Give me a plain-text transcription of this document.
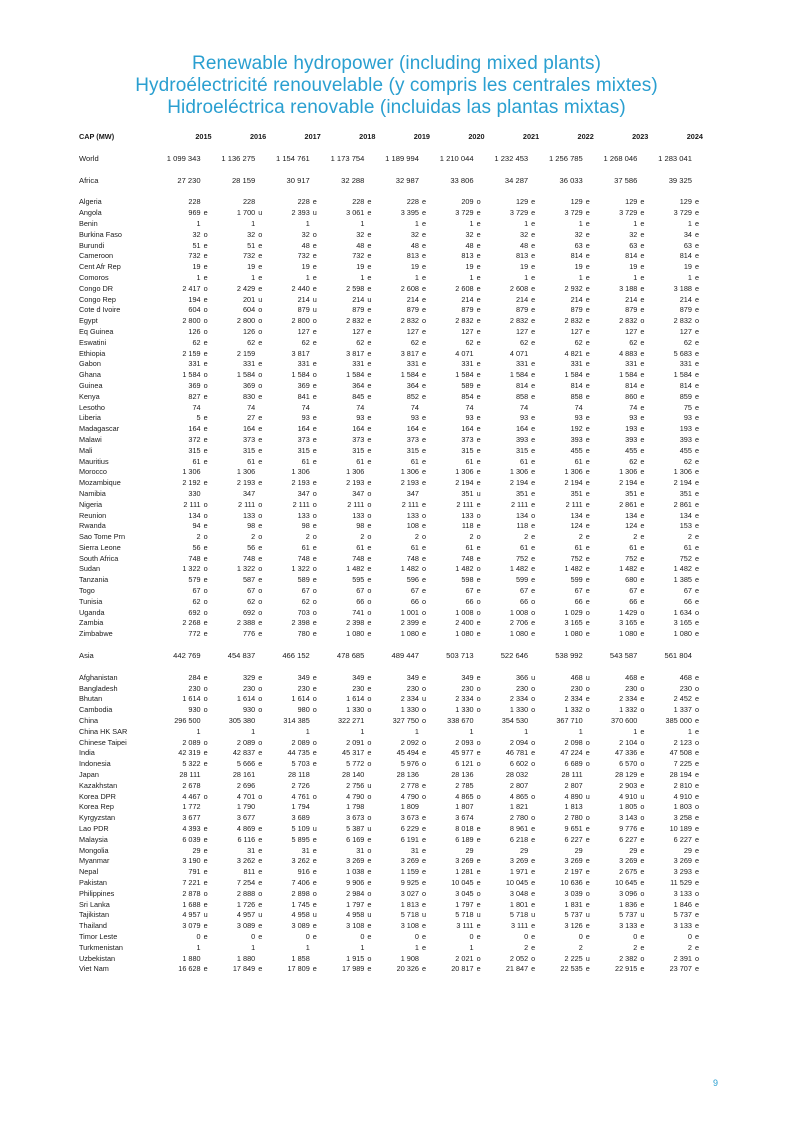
Renewable hydropower (including mixed plants)
Hydroélectricité renouvelable (y compris les centrales mixtes)
Hidroeléctrica renovable (incluidas las plantas mixtas)
CAP (MW)	2015	2016	2017	2018	2019	2020	2021	2022	2023	2024

World	1 099 343	1 136 275	1 154 761	1 173 754	1 189 994	1 210 044	1 232 453	1 256 785	1 268 046	1 283 041

Africa	27 230	28 159	30 917	32 288	32 987	33 806	34 287	36 033	37 586	39 325

Algeria	228	228	228 e	228 e	228 e	209 o	129 e	129 e	129 e	129 e
Angola	969 e	1 700 u	2 393 u	3 061 e	3 395 e	3 729 e	3 729 e	3 729 e	3 729 e	3 729 e
Benin	1	1	1	1	1 e	1 e	1 e	1 e	1 e	1 e
Burkina Faso	32 o	32 o	32 o	32 e	32 e	32 e	32 e	32 e	32 e	34 e
Burundi	51 e	51 e	48 e	48 e	48 e	48 e	48 e	63 e	63 e	63 e
Cameroon	732 e	732 e	732 e	732 e	813 e	813 e	813 e	814 e	814 e	814 e
Cent Afr Rep	19 e	19 e	19 e	19 e	19 e	19 e	19 e	19 e	19 e	19 e
Comoros	1 e	1 e	1 e	1 e	1 e	1 e	1 e	1 e	1 e	1 e
Congo DR	2 417 o	2 429 e	2 440 e	2 598 e	2 608 e	2 608 e	2 608 e	2 932 e	3 188 e	3 188 e
Congo Rep	194 e	201 u	214 u	214 u	214 e	214 e	214 e	214 e	214 e	214 e
Cote d Ivoire	604 o	604 o	879 u	879 e	879 e	879 e	879 e	879 e	879 e	879 e
Egypt	2 800 o	2 800 o	2 800 o	2 832 e	2 832 o	2 832 e	2 832 e	2 832 e	2 832 o	2 832 o
Eq Guinea	126 o	126 o	127 e	127 e	127 e	127 e	127 e	127 e	127 e	127 e
Eswatini	62 e	62 e	62 e	62 e	62 e	62 e	62 e	62 e	62 e	62 e
Ethiopia	2 159 e	2 159	3 817	3 817 e	3 817 e	4 071	4 071	4 821 e	4 883 e	5 683 e
Gabon	331 e	331 e	331 e	331 e	331 e	331 e	331 e	331 e	331 e	331 e
Ghana	1 584 o	1 584 o	1 584 o	1 584 e	1 584 e	1 584 e	1 584 e	1 584 e	1 584 e	1 584 e
Guinea	369 o	369 o	369 e	364 e	364 e	589 e	814 e	814 e	814 e	814 e
Kenya	827 e	830 e	841 e	845 e	852 e	854 e	858 e	858 e	860 e	859 e
Lesotho	74	74	74	74	74	74	74	74	74 e	75 e
Liberia	5 e	27 e	93 e	93 e	93 e	93 e	93 e	93 e	93 e	93 e
Madagascar	164 e	164 e	164 e	164 e	164 e	164 e	164 e	192 e	193 e	193 e
Malawi	372 e	373 e	373 e	373 e	373 e	373 e	393 e	393 e	393 e	393 e
Mali	315 e	315 e	315 e	315 e	315 e	315 e	315 e	455 e	455 e	455 e
Mauritius	61 e	61 e	61 e	61 e	61 e	61 e	61 e	61 e	62 e	62 e
Morocco	1 306	1 306	1 306	1 306	1 306 e	1 306 e	1 306 e	1 306 e	1 306 e	1 306 e
Mozambique	2 192 e	2 193 e	2 193 e	2 193 e	2 193 e	2 194 e	2 194 e	2 194 e	2 194 e	2 194 e
Namibia	330	347	347 o	347 o	347	351 u	351 e	351 e	351 e	351 e
Nigeria	2 111 o	2 111 o	2 111 o	2 111 o	2 111 e	2 111 e	2 111 e	2 111 e	2 861 e	2 861 e
Reunion	134 o	133 o	133 o	133 o	133 o	133 o	134 o	134 e	134 e	134 e
Rwanda	94 e	98 e	98 e	98 e	108 e	118 e	118 e	124 e	124 e	153 e
Sao Tome Prn	2 o	2 o	2 o	2 o	2 o	2 o	2 e	2 e	2 e	2 e
Sierra Leone	56 e	56 e	61 e	61 e	61 e	61 e	61 e	61 e	61 e	61 e
South Africa	748 e	748 e	748 e	748 e	748 e	748 e	752 e	752 e	752 e	752 e
Sudan	1 322 o	1 322 o	1 322 o	1 482 e	1 482 o	1 482 o	1 482 e	1 482 e	1 482 e	1 482 e
Tanzania	579 e	587 e	589 e	595 e	596 e	598 e	599 e	599 e	680 e	1 385 e
Togo	67 o	67 o	67 o	67 o	67 e	67 e	67 e	67 e	67 e	67 e
Tunisia	62 o	62 o	62 o	66 o	66 o	66 o	66 o	66 e	66 e	66 e
Uganda	692 o	692 o	703 o	741 o	1 001 o	1 008 o	1 008 o	1 029 o	1 429 o	1 634 o
Zambia	2 268 e	2 388 e	2 398 e	2 398 e	2 399 e	2 400 e	2 706 e	3 165 e	3 165 e	3 165 e
Zimbabwe	772 e	776 e	780 e	1 080 e	1 080 e	1 080 e	1 080 e	1 080 e	1 080 e	1 080 e

Asia	442 769	454 837	466 152	478 685	489 447	503 713	522 646	538 992	543 587	561 804

Afghanistan	284 e	329 e	349 e	349 e	349 e	349 e	366 u	468 u	468 e	468 e
Bangladesh	230 o	230 o	230 e	230 e	230 o	230 o	230 o	230 o	230 o	230 o
Bhutan	1 614 o	1 614 o	1 614 o	1 614 o	2 334 u	2 334 o	2 334 o	2 334 e	2 334 e	2 452 e
Cambodia	930 o	930 o	980 o	1 330 o	1 330 o	1 330 o	1 330 o	1 332 o	1 332 o	1 337 o
China	296 500	305 380	314 385	322 271	327 750 o	338 670	354 530	367 710	370 600	385 000 e
China HK SAR	1	1	1	1	1	1	1	1	1 e	1 e
Chinese Taipei	2 089 o	2 089 o	2 089 o	2 091 o	2 092 o	2 093 o	2 094 o	2 098 o	2 104 o	2 123 o
India	42 319 e	42 837 e	44 735 e	45 317 e	45 494 e	45 977 e	46 781 e	47 224 e	47 336 e	47 508 e
Indonesia	5 322 e	5 666 e	5 703 e	5 772 o	5 976 o	6 121 o	6 602 o	6 689 o	6 570 o	7 225 e
Japan	28 111	28 161	28 118	28 140	28 136	28 136	28 032	28 111	28 129 e	28 194 e
Kazakhstan	2 678	2 696	2 726	2 756 u	2 778 e	2 785	2 807	2 807	2 903 e	2 810 e
Korea DPR	4 467 o	4 701 o	4 761 o	4 790 o	4 790 o	4 865 o	4 865 o	4 890 u	4 910 u	4 910 e
Korea Rep	1 772	1 790	1 794	1 798	1 809	1 807	1 821	1 813	1 805 o	1 803 o
Kyrgyzstan	3 677	3 677	3 689	3 673 o	3 673 e	3 674	2 780 o	2 780 o	3 143 o	3 258 e
Lao PDR	4 393 e	4 869 e	5 109 u	5 387 u	6 229 e	8 018 e	8 961 e	9 651 e	9 776 e	10 189 e
Malaysia	6 039 e	6 116 e	5 895 e	6 169 e	6 191 e	6 189 e	6 218 e	6 227 e	6 227 e	6 227 e
Mongolia	29 e	31 e	31 e	31 o	31 e	29	29	29	29 e	29 e
Myanmar	3 190 e	3 262 e	3 262 e	3 269 e	3 269 e	3 269 e	3 269 e	3 269 e	3 269 e	3 269 e
Nepal	791 e	811 e	916 e	1 038 e	1 159 e	1 281 e	1 971 e	2 197 e	2 675 e	3 293 e
Pakistan	7 221 e	7 254 e	7 406 e	9 906 e	9 925 e	10 045 e	10 045 e	10 636 e	10 645 e	11 529 e
Philippines	2 878 o	2 888 o	2 898 o	2 984 o	3 027 o	3 045 o	3 048 e	3 039 o	3 096 o	3 133 o
Sri Lanka	1 688 e	1 726 e	1 745 e	1 797 e	1 813 e	1 797 e	1 801 e	1 831 e	1 836 e	1 846 e
Tajikistan	4 957 u	4 957 u	4 958 u	4 958 u	5 718 u	5 718 u	5 718 u	5 737 u	5 737 u	5 737 e
Thailand	3 079 e	3 089 e	3 089 e	3 108 e	3 108 e	3 111 e	3 111 e	3 126 e	3 133 e	3 133 e
Timor Leste	0 e	0 e	0 e	0 e	0 e	0 e	0 e	0 e	0 e	0 e
Turkmenistan	1	1	1	1	1 e	1	2 e	2	2 e	2 e
Uzbekistan	1 880	1 880	1 858	1 915 o	1 908	2 021 o	2 052 o	2 225 u	2 382 o	2 391 o
Viet Nam	16 628 e	17 849 e	17 809 e	17 989 e	20 326 e	20 817 e	21 847 e	22 535 e	22 915 e	23 707 e
9
